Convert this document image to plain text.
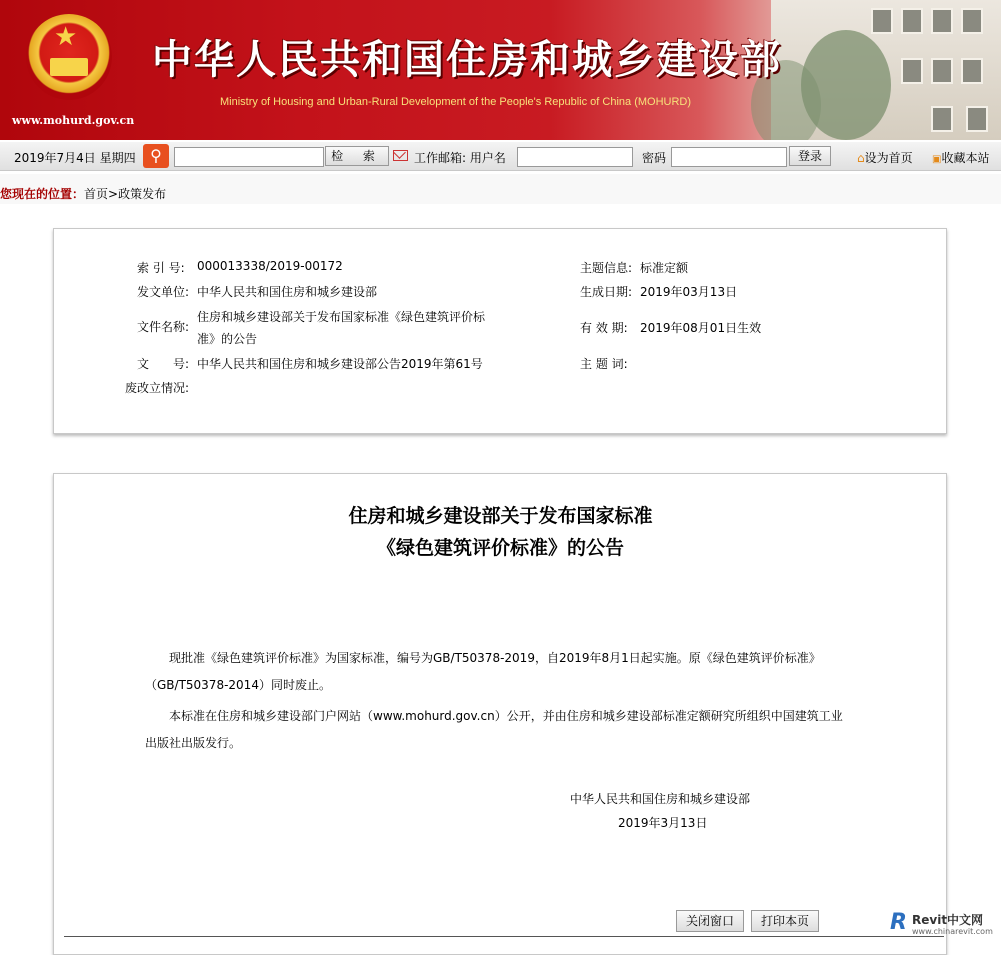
★
www.mohurd.gov.cn
中华人民共和国住房和城乡建设部
Ministry of Housing and Urban-Rural Development of the People's Republic of China (MOHURD)
2019年7月4日 星期四 ⚲	检 索	工作邮箱: 用户名	密码	登录	⌂设为首页 ▣收藏本站
您现在的位置：首页>政策发布
索 引 号: 000013338/2019-00172
发文单位: 中华人民共和国住房和城乡建设部
文件名称:
住房和城乡建设部关于发布国家标准《绿色建筑评价标准》的公告
文　　号: 中华人民共和国住房和城乡建设部公告2019年第61号
废改立情况:
主题信息: 标准定额
生成日期: 2019年03月13日
有 效 期: 2019年08月01日生效
主 题 词:
住房和城乡建设部关于发布国家标准
《绿色建筑评价标准》的公告
现批准《绿色建筑评价标准》为国家标准，编号为GB/T50378-2019，自2019年8月1日起实施。原《绿色建筑评价标准》（GB/T50378-2014）同时废止。
本标准在住房和城乡建设部门户网站（www.mohurd.gov.cn）公开，并由住房和城乡建设部标准定额研究所组织中国建筑工业出版社出版发行。
中华人民共和国住房和城乡建设部
2019年3月13日
关闭窗口	打印本页	R Revit中文网
www.chinarevit.com
